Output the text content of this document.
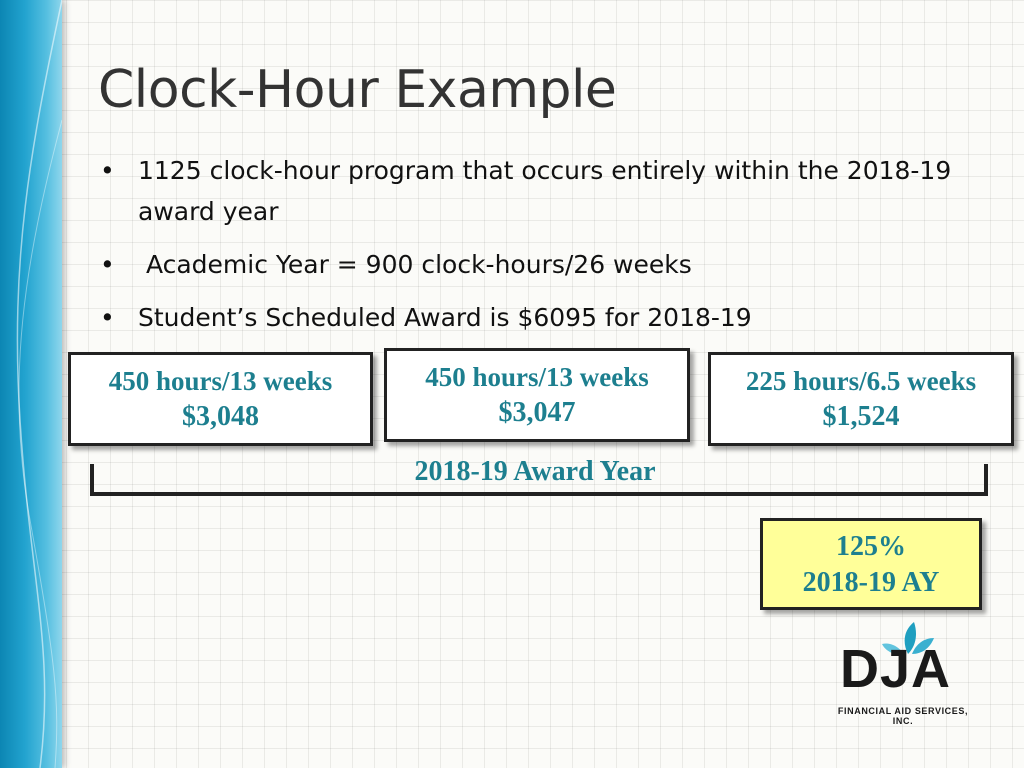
Clock-Hour Example
• 1125 clock-hour program that occurs entirely within the 2018-19 award year
•  Academic Year = 900 clock-hours/26 weeks
• Student’s Scheduled Award is $6095 for 2018-19
450 hours/13 weeks
$3,048
450 hours/13 weeks
$3,047
225 hours/6.5 weeks
$1,524
2018-19 Award Year
125%
2018-19 AY
DJA
FINANCIAL AID SERVICES, INC.
